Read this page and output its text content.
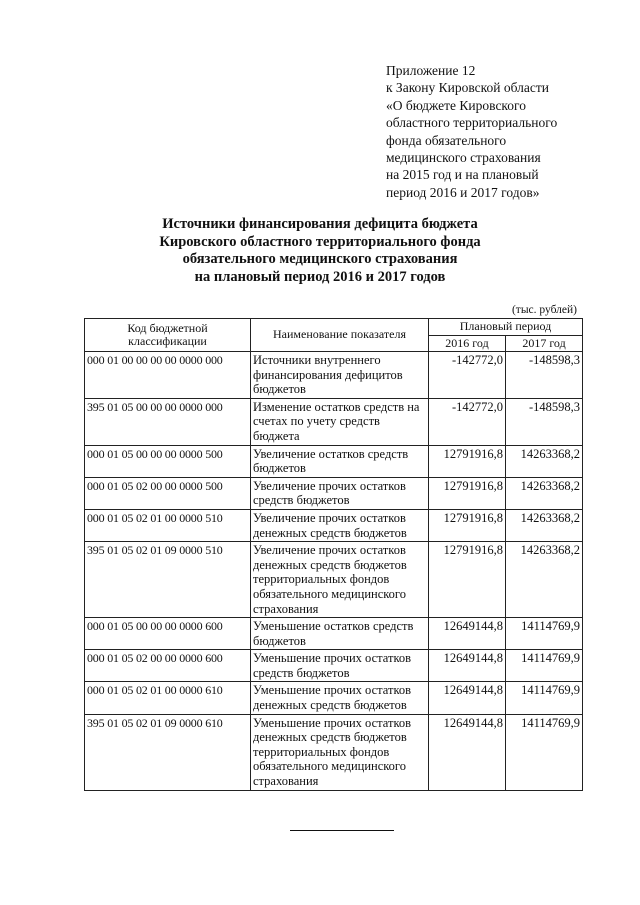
Приложение 12
к Закону Кировской области
«О бюджете Кировского
областного территориального
фонда обязательного
медицинского страхования
на 2015 год и на плановый
период 2016 и 2017 годов»
Источники финансирования дефицита бюджета
Кировского областного территориального фонда
обязательного медицинского страхования
на плановый период 2016 и 2017 годов
(тыс. рублей)
Код бюджетной классификации	Наименование показателя	Плановый период	
		2016 год	2017 год
000 01 00 00 00 00 0000 000	Источники внутреннего финансирования дефицитов бюджетов	-142772,0	-148598,3
395 01 05 00 00 00 0000 000	Изменение остатков средств на счетах по учету средств бюджета	-142772,0	-148598,3
000 01 05 00 00 00 0000 500	Увеличение остатков средств бюджетов	12791916,8	14263368,2
000 01 05 02 00 00 0000 500	Увеличение прочих остатков средств бюджетов	12791916,8	14263368,2
000 01 05 02 01 00 0000 510	Увеличение прочих остатков денежных средств бюджетов	12791916,8	14263368,2
395 01 05 02 01 09 0000 510	Увеличение прочих остатков денежных средств бюджетов территориальных фондов обязательного медицинского страхования	12791916,8	14263368,2
000 01 05 00 00 00 0000 600	Уменьшение остатков средств бюджетов	12649144,8	14114769,9
000 01 05 02 00 00 0000 600	Уменьшение прочих остатков средств бюджетов	12649144,8	14114769,9
000 01 05 02 01 00 0000 610	Уменьшение прочих остатков денежных средств бюджетов	12649144,8	14114769,9
395 01 05 02 01 09 0000 610	Уменьшение прочих остатков денежных средств бюджетов территориальных фондов обязательного медицинского страхования	12649144,8	14114769,9
